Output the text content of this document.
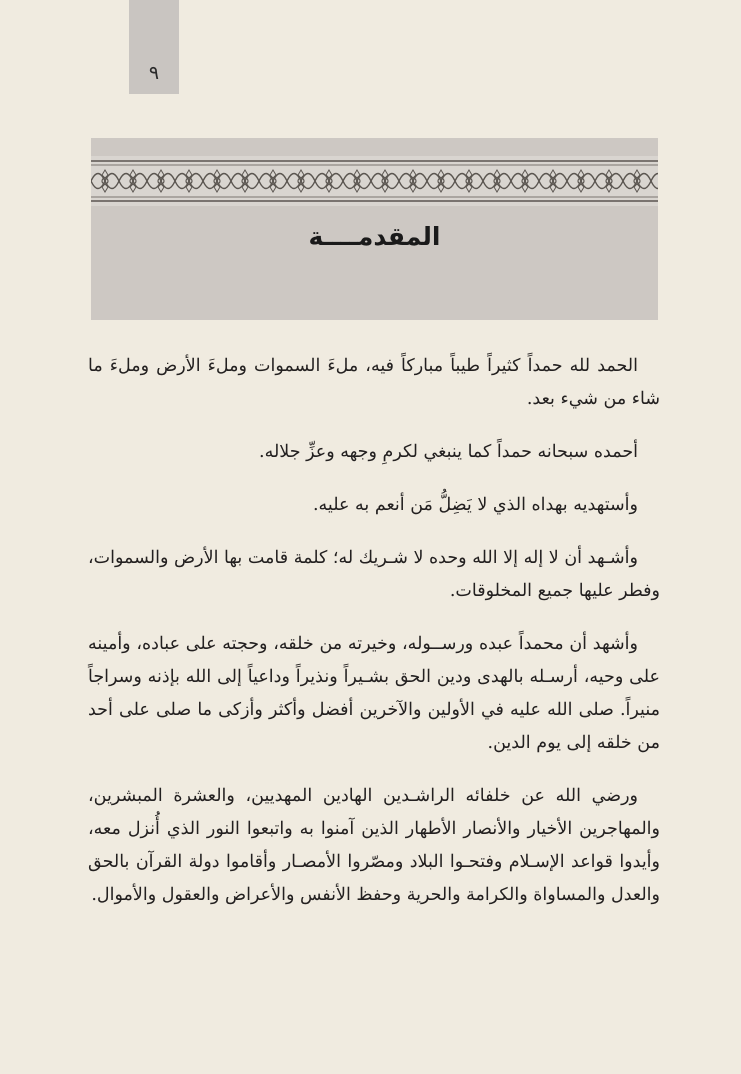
٩
المقدمــــة

الحمد لله حمداً كثيراً طيباً مباركاً فيه، ملءَ السموات وملءَ الأرض وملءَ ما شاء من شيء بعد.

أحمده سبحانه حمداً كما ينبغي لكرمِ وجهه وعزِّ جلاله.

وأستهديه بهداه الذي لا يَضِلُّ مَن أنعم به عليه.

وأشـهد أن لا إله إلا الله وحده لا شـريك له؛ كلمة قامت بها الأرض والسموات، وفطر عليها جميع المخلوقات.

وأشهد أن محمداً عبده ورســوله، وخيرته من خلقه، وحجته على عباده، وأمينه على وحيه، أرسـله بالهدى ودين الحق بشـيراً ونذيراً وداعياً إلى الله بإذنه وسراجاً منيراً. صلى الله عليه في الأولين والآخرين أفضل وأكثر وأزكى ما صلى على أحد من خلقه إلى يوم الدين.

ورضي الله عن خلفائه الراشـدين الهادين المهديين، والعشرة المبشرين، والمهاجرين الأخيار والأنصار الأطهار الذين آمنوا به واتبعوا النور الذي أُنزل معه، وأيدوا قواعد الإسـلام وفتحـوا البلاد ومصّروا الأمصـار وأقاموا دولة القرآن بالحق والعدل والمساواة والكرامة والحرية وحفظ الأنفس والأعراض والعقول والأموال.
